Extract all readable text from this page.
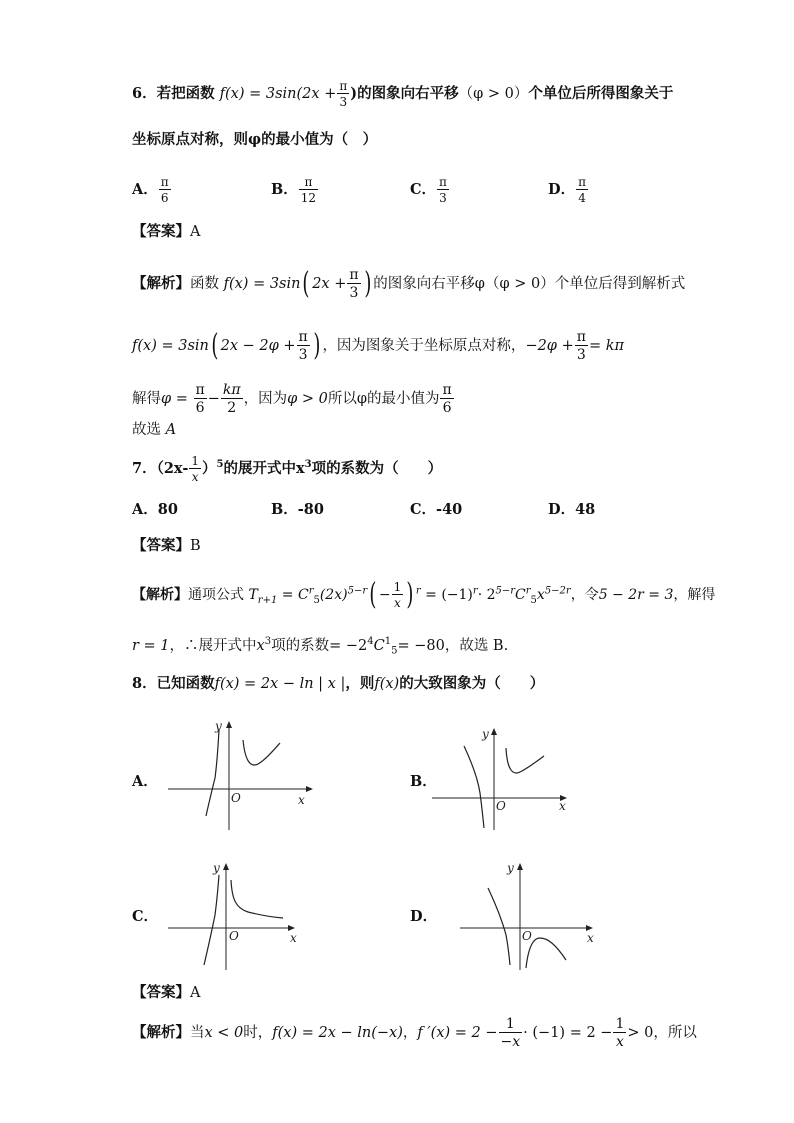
6．若把函数 $f(x) = 3\sin(2x + \frac{\pi}{3}$ )的图象向右平移（φ > 0）个单位后所得图象关于
坐标原点对称，则φ的最小值为（　）
A． $\frac{\pi}{6}$	B． $\frac{\pi}{12}$	C． $\frac{\pi}{3}$	D． $\frac{\pi}{4}$
【答案】A
【解析】函数 f(x) = 3sin( $2x + \frac{\pi}{3}$ ) 的图象向右平移φ（φ > 0）个单位后得到解析式
f(x) = 3sin( $2x - 2\varphi + \frac{\pi}{3}$ ) ，因为图象关于坐标原点对称，$-2\varphi + \frac{\pi}{3} = k\pi$
解得$\varphi = \frac{\pi}{6} - \frac{k\pi}{2}$ ，因为φ > 0所以φ的最小值为 $\frac{\pi}{6}$
故选 A
7．$(2x- \frac{1}{x} )^5$的展开式中$x^3$项的系数为（　　）
A．80	B．-80	C．-40	D．48
【答案】B
【解析】通项公式 $T_{r+1} = C^r_5(2x)^{5-r}( - \frac{1}{x}$ ) $^r = (-1)^r\cdot 2^{5-r}C^r_5x^{5-2r}$，令5 − 2r = 3，解得
r = 1，∴展开式中$x^3$项的系数= $-2^4C^1_5= -80$，故选 B.
8．已知函数f(x) = 2x − ln | x |，则f(x)的大致图象为（　　）
A．	B．
C．	D．
x
y
O
x
y
O
x
y
O	x
y
O
【答案】A
【解析】当x < 0时，f(x) = 2x − ln(−x)，f $'(x) = 2 - \frac{1}{-x} \cdot (-1) = 2 - \frac{1}{x} > 0$，所以
